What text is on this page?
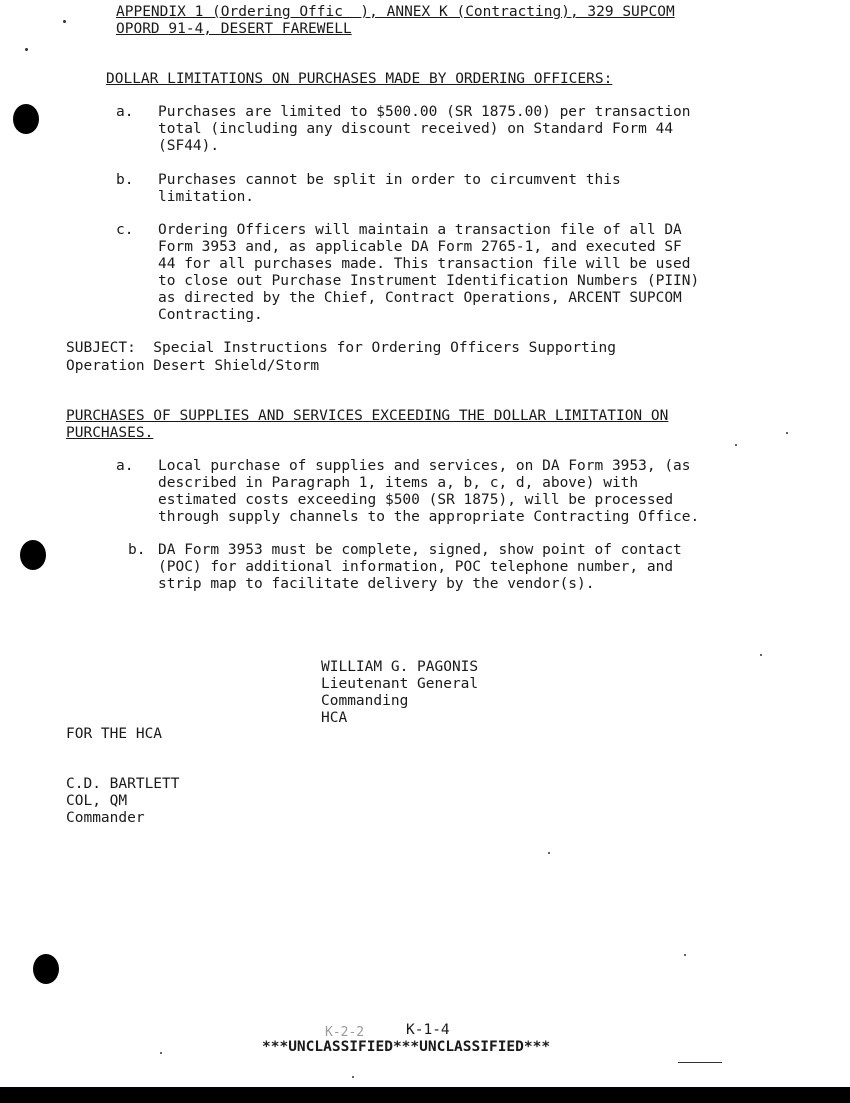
APPENDIX 1 (Ordering Offic  ), ANNEX K (Contracting), 329 SUPCOM
OPORD 91-4, DESERT FAREWELL
DOLLAR LIMITATIONS ON PURCHASES MADE BY ORDERING OFFICERS:
a. Purchases are limited to $500.00 (SR 1875.00) per transaction
total (including any discount received) on Standard Form 44
(SF44).
b. Purchases cannot be split in order to circumvent this
limitation.
c. Ordering Officers will maintain a transaction file of all DA
Form 3953 and, as applicable DA Form 2765-1, and executed SF
44 for all purchases made. This transaction file will be used
to close out Purchase Instrument Identification Numbers (PIIN)
as directed by the Chief, Contract Operations, ARCENT SUPCOM
Contracting.
SUBJECT:  Special Instructions for Ordering Officers Supporting
Operation Desert Shield/Storm
PURCHASES OF SUPPLIES AND SERVICES EXCEEDING THE DOLLAR LIMITATION ON
PURCHASES.
a. Local purchase of supplies and services, on DA Form 3953, (as
described in Paragraph 1, items a, b, c, d, above) with
estimated costs exceeding $500 (SR 1875), will be processed
through supply channels to the appropriate Contracting Office.
b. DA Form 3953 must be complete, signed, show point of contact
(POC) for additional information, POC telephone number, and
strip map to facilitate delivery by the vendor(s).
WILLIAM G. PAGONIS
Lieutenant General
Commanding
HCA
FOR THE HCA
C.D. BARTLETT
COL, QM
Commander
K-2-2	K-1-4
***UNCLASSIFIED***UNCLASSIFIED***
